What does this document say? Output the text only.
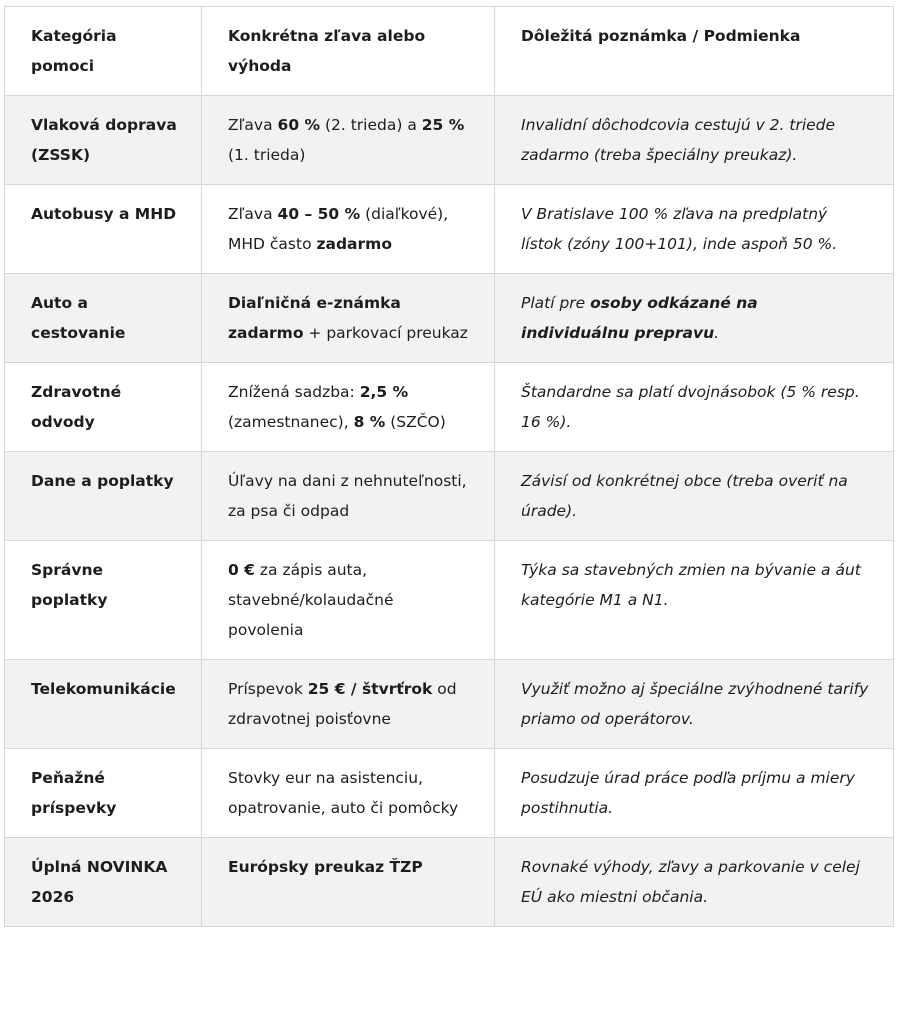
Kategória pomoci	Konkrétna zľava alebo výhoda	Dôležitá poznámka / Podmienka
Vlaková doprava (ZSSK)	Zľava 60 % (2. trieda) a 25 % (1. trieda)	Invalidní dôchodcovia cestujú v 2. triede zadarmo (treba špeciálny preukaz).
Autobusy a MHD	Zľava 40 – 50 % (diaľkové), MHD často zadarmo	V Bratislave 100 % zľava na predplatný lístok (zóny 100+101), inde aspoň 50 %.
Auto a cestovanie	Diaľničná e-známka zadarmo + parkovací preukaz	Platí pre osoby odkázané na individuálnu prepravu.
Zdravotné odvody	Znížená sadzba: 2,5 % (zamestnanec), 8 % (SZČO)	Štandardne sa platí dvojnásobok (5 % resp. 16 %).
Dane a poplatky	Úľavy na dani z nehnuteľnosti, za psa či odpad	Závisí od konkrétnej obce (treba overiť na úrade).
Správne poplatky	0 € za zápis auta, stavebné/kolaudačné povolenia	Týka sa stavebných zmien na bývanie a áut kategórie M1 a N1.
Telekomunikácie	Príspevok 25 € / štvrťrok od zdravotnej poisťovne	Využiť možno aj špeciálne zvýhodnené tarify priamo od operátorov.
Peňažné príspevky	Stovky eur na asistenciu, opatrovanie, auto či pomôcky	Posudzuje úrad práce podľa príjmu a miery postihnutia.
Úplná NOVINKA 2026	Európsky preukaz ŤZP	Rovnaké výhody, zľavy a parkovanie v celej EÚ ako miestni občania.
